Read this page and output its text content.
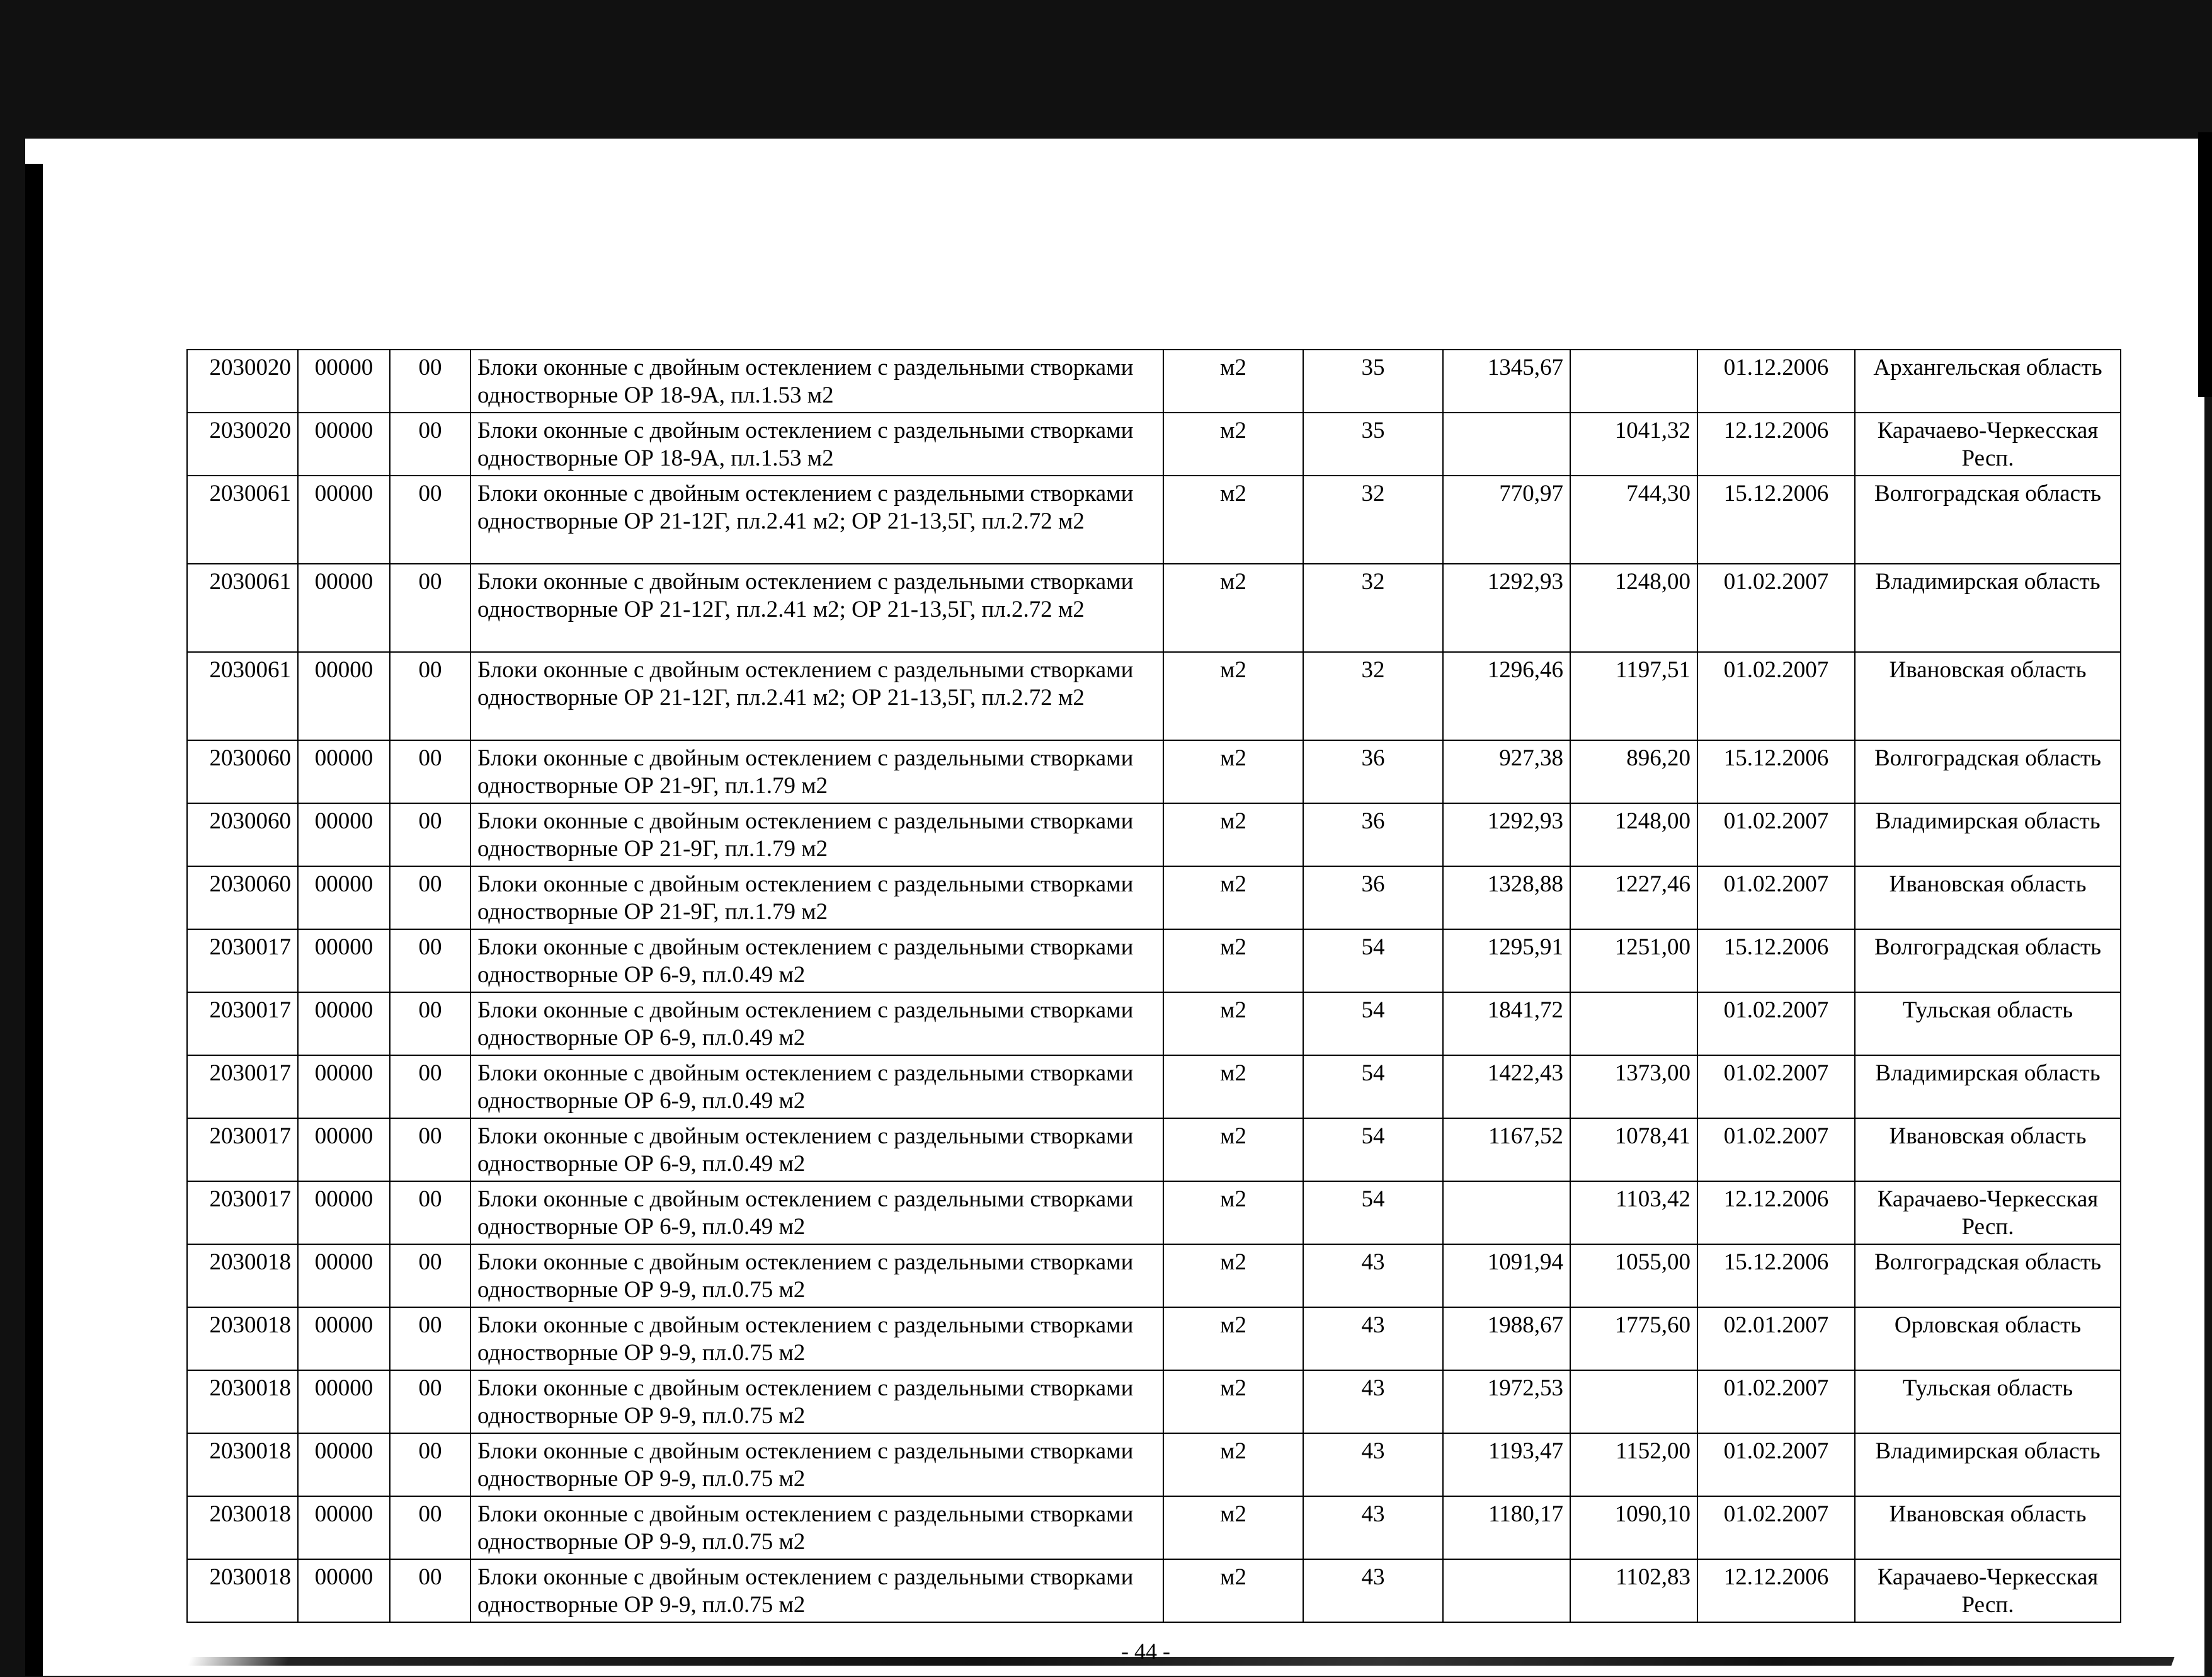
2030020	00000	00	Блоки оконные с двойным остеклением с раздельными створками одностворные ОР 18-9А, пл.1.53 м2	м2	35	1345,67		01.12.2006	Архангельская область
2030020	00000	00	Блоки оконные с двойным остеклением с раздельными створками одностворные ОР 18-9А, пл.1.53 м2	м2	35		1041,32	12.12.2006	Карачаево-Черкесская Респ.
2030061	00000	00	Блоки оконные с двойным остеклением с раздельными створками одностворные ОР 21-12Г, пл.2.41 м2; ОР 21-13,5Г, пл.2.72 м2	м2	32	770,97	744,30	15.12.2006	Волгоградская область
2030061	00000	00	Блоки оконные с двойным остеклением с раздельными створками одностворные ОР 21-12Г, пл.2.41 м2; ОР 21-13,5Г, пл.2.72 м2	м2	32	1292,93	1248,00	01.02.2007	Владимирская область
2030061	00000	00	Блоки оконные с двойным остеклением с раздельными створками одностворные ОР 21-12Г, пл.2.41 м2; ОР 21-13,5Г, пл.2.72 м2	м2	32	1296,46	1197,51	01.02.2007	Ивановская область
2030060	00000	00	Блоки оконные с двойным остеклением с раздельными створками одностворные ОР 21-9Г, пл.1.79 м2	м2	36	927,38	896,20	15.12.2006	Волгоградская область
2030060	00000	00	Блоки оконные с двойным остеклением с раздельными створками одностворные ОР 21-9Г, пл.1.79 м2	м2	36	1292,93	1248,00	01.02.2007	Владимирская область
2030060	00000	00	Блоки оконные с двойным остеклением с раздельными створками одностворные ОР 21-9Г, пл.1.79 м2	м2	36	1328,88	1227,46	01.02.2007	Ивановская область
2030017	00000	00	Блоки оконные с двойным остеклением с раздельными створками одностворные ОР 6-9, пл.0.49 м2	м2	54	1295,91	1251,00	15.12.2006	Волгоградская область
2030017	00000	00	Блоки оконные с двойным остеклением с раздельными створками одностворные ОР 6-9, пл.0.49 м2	м2	54	1841,72		01.02.2007	Тульская область
2030017	00000	00	Блоки оконные с двойным остеклением с раздельными створками одностворные ОР 6-9, пл.0.49 м2	м2	54	1422,43	1373,00	01.02.2007	Владимирская область
2030017	00000	00	Блоки оконные с двойным остеклением с раздельными створками одностворные ОР 6-9, пл.0.49 м2	м2	54	1167,52	1078,41	01.02.2007	Ивановская область
2030017	00000	00	Блоки оконные с двойным остеклением с раздельными створками одностворные ОР 6-9, пл.0.49 м2	м2	54		1103,42	12.12.2006	Карачаево-Черкесская Респ.
2030018	00000	00	Блоки оконные с двойным остеклением с раздельными створками одностворные ОР 9-9, пл.0.75 м2	м2	43	1091,94	1055,00	15.12.2006	Волгоградская область
2030018	00000	00	Блоки оконные с двойным остеклением с раздельными створками одностворные ОР 9-9, пл.0.75 м2	м2	43	1988,67	1775,60	02.01.2007	Орловская область
2030018	00000	00	Блоки оконные с двойным остеклением с раздельными створками одностворные ОР 9-9, пл.0.75 м2	м2	43	1972,53		01.02.2007	Тульская область
2030018	00000	00	Блоки оконные с двойным остеклением с раздельными створками одностворные ОР 9-9, пл.0.75 м2	м2	43	1193,47	1152,00	01.02.2007	Владимирская область
2030018	00000	00	Блоки оконные с двойным остеклением с раздельными створками одностворные ОР 9-9, пл.0.75 м2	м2	43	1180,17	1090,10	01.02.2007	Ивановская область
2030018	00000	00	Блоки оконные с двойным остеклением с раздельными створками одностворные ОР 9-9, пл.0.75 м2	м2	43		1102,83	12.12.2006	Карачаево-Черкесская Респ.
- 44 -
